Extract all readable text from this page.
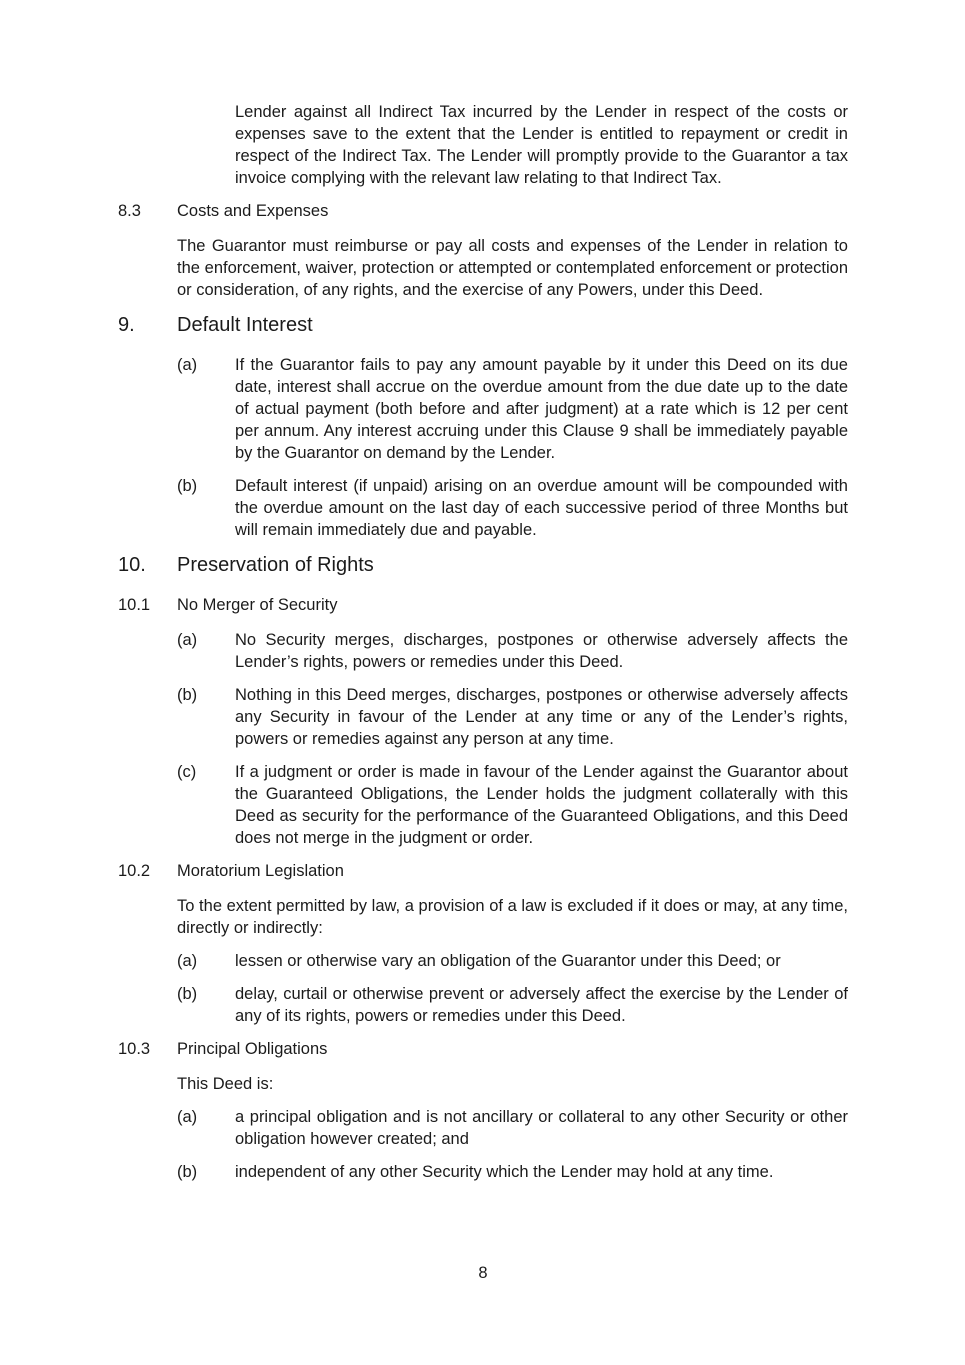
Lender against all Indirect Tax incurred by the Lender in respect of the costs or expenses save to the extent that the Lender is entitled to repayment or credit in respect of the Indirect Tax. The Lender will promptly provide to the Guarantor a tax invoice complying with the relevant law relating to that Indirect Tax.

8.3	Costs and Expenses

The Guarantor must reimburse or pay all costs and expenses of the Lender in relation to the enforcement, waiver, protection or attempted or contemplated enforcement or protection or consideration, of any rights, and the exercise of any Powers, under this Deed.

9.	Default Interest
(a)	If the Guarantor fails to pay any amount payable by it under this Deed on its due date, interest shall accrue on the overdue amount from the due date up to the date of actual payment (both before and after judgment) at a rate which is 12 per cent per annum. Any interest accruing under this Clause 9 shall be immediately payable by the Guarantor on demand by the Lender.

(b)	Default interest (if unpaid) arising on an overdue amount will be compounded with the overdue amount on the last day of each successive period of three Months but will remain immediately due and payable.

10.	Preservation of Rights
10.1	No Merger of Security
(a)	No Security merges, discharges, postpones or otherwise adversely affects the Lender’s rights, powers or remedies under this Deed.

(b)	Nothing in this Deed merges, discharges, postpones or otherwise adversely affects any Security in favour of the Lender at any time or any of the Lender’s rights, powers or remedies against any person at any time.

(c)	If a judgment or order is made in favour of the Lender against the Guarantor about the Guaranteed Obligations, the Lender holds the judgment collaterally with this Deed as security for the performance of the Guaranteed Obligations, and this Deed does not merge in the judgment or order.

10.2	Moratorium Legislation

To the extent permitted by law, a provision of a law is excluded if it does or may, at any time, directly or indirectly:

(a)	lessen or otherwise vary an obligation of the Guarantor under this Deed; or

(b)	delay, curtail or otherwise prevent or adversely affect the exercise by the Lender of any of its rights, powers or remedies under this Deed.

10.3	Principal Obligations

This Deed is:

(a)	a principal obligation and is not ancillary or collateral to any other Security or other obligation however created; and

(b)	independent of any other Security which the Lender may hold at any time.

8
